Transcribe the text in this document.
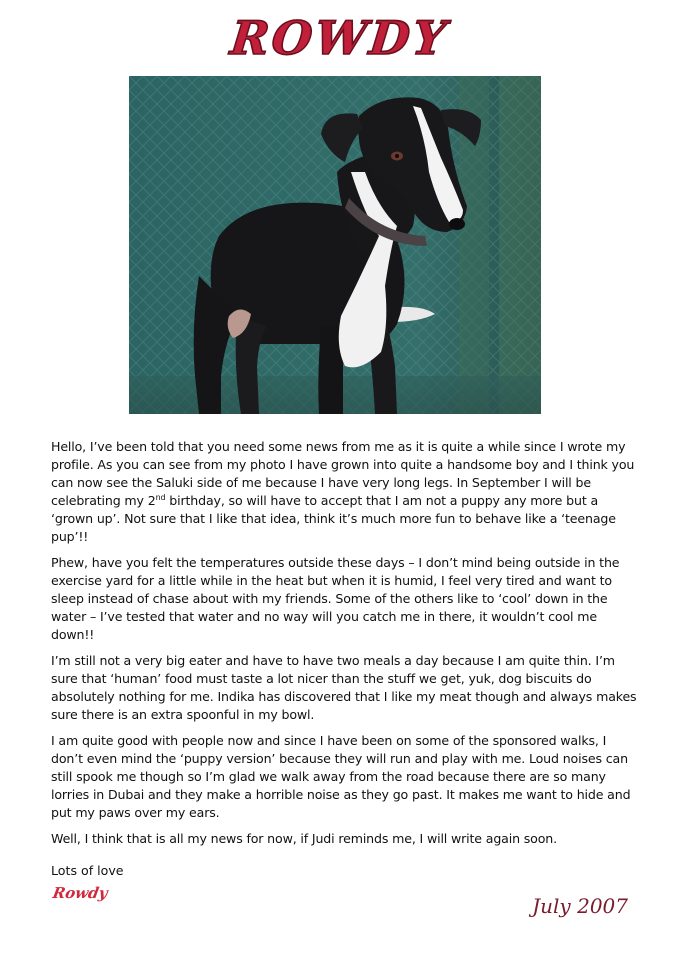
ROWDY

Hello, I’ve been told that you need some news from me as it is quite a while since I wrote my profile. As you can see from my photo I have grown into quite a handsome boy and I think you can now see the Saluki side of me because I have very long legs. In September I will be celebrating my 2nd birthday, so will have to accept that I am not a puppy any more but a ‘grown up’. Not sure that I like that idea, think it’s much more fun to behave like a ‘teenage pup’!!

Phew, have you felt the temperatures outside these days – I don’t mind being outside in the exercise yard for a little while in the heat but when it is humid, I feel very tired and want to sleep instead of chase about with my friends. Some of the others like to ‘cool’ down in the water – I’ve tested that water and no way will you catch me in there, it wouldn’t cool me down!!

I’m still not a very big eater and have to have two meals a day because I am quite thin. I’m sure that ‘human’ food must taste a lot nicer than the stuff we get, yuk, dog biscuits do absolutely nothing for me. Indika has discovered that I like my meat though and always makes sure there is an extra spoonful in my bowl.

I am quite good with people now and since I have been on some of the sponsored walks, I don’t even mind the ‘puppy version’ because they will run and play with me. Loud noises can still spook me though so I’m glad we walk away from the road because there are so many lorries in Dubai and they make a horrible noise as they go past. It makes me want to hide and put my paws over my ears.

Well, I think that is all my news for now, if Judi reminds me, I will write again soon.

Lots of love
Rowdy
July 2007
